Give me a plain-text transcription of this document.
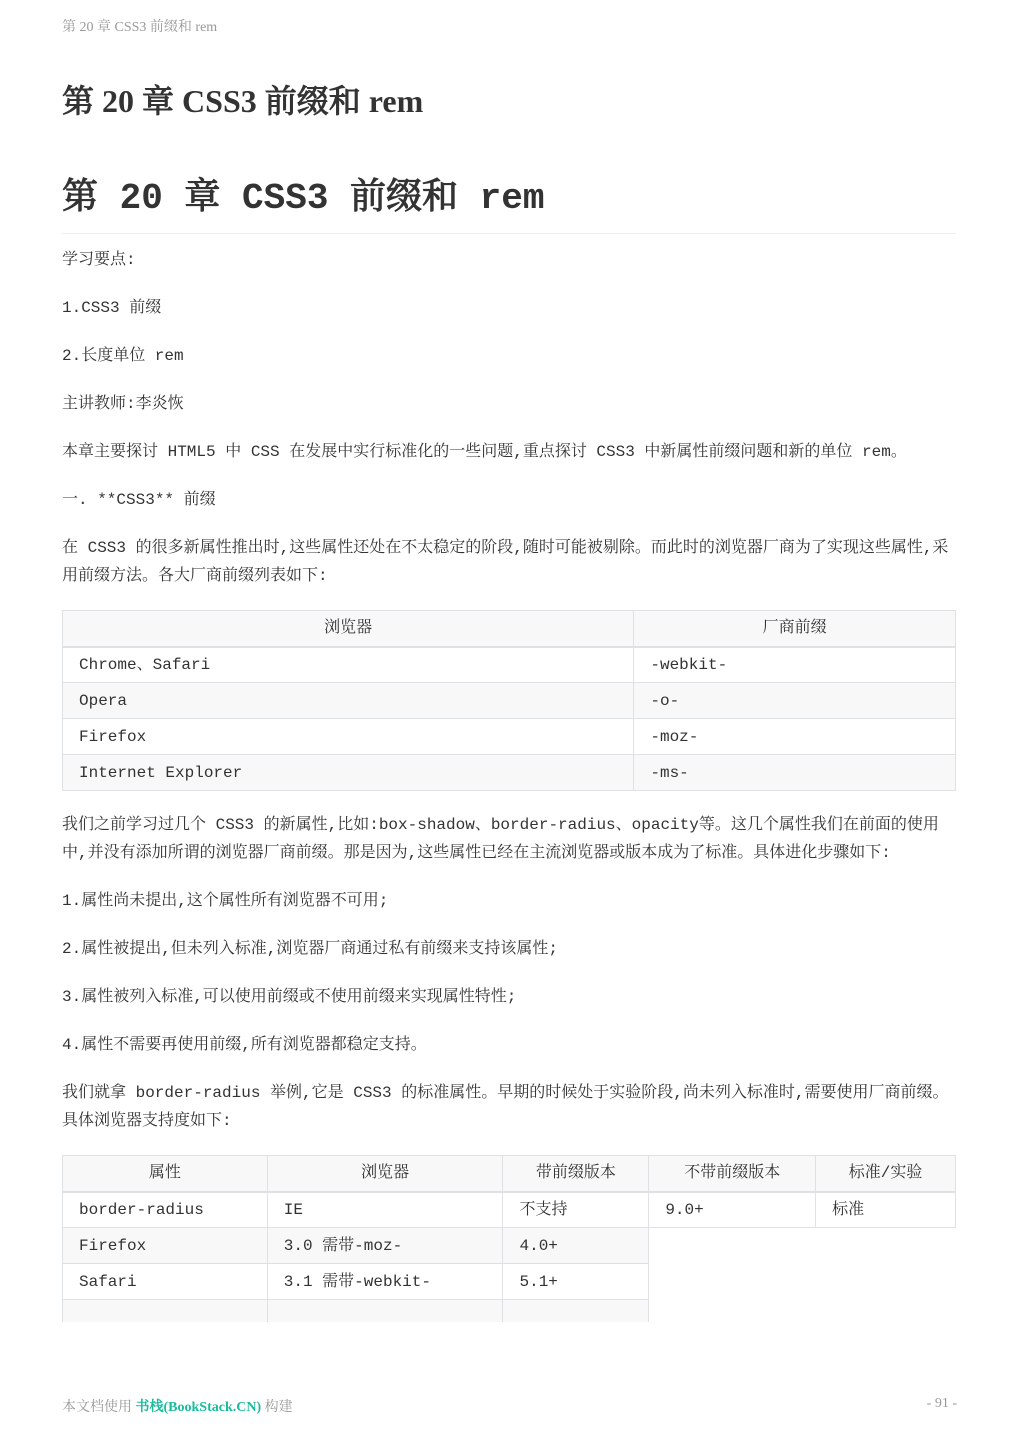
第 20 章 CSS3 前缀和 rem
第 20 章 CSS3 前缀和 rem
第 20 章 CSS3 前缀和 rem

学习要点:

1.CSS3 前缀

2.长度单位 rem

主讲教师:李炎恢

本章主要探讨 HTML5 中 CSS 在发展中实行标准化的一些问题,重点探讨 CSS3 中新属性前缀问题和新的单位 rem。

一. **CSS3** 前缀

在 CSS3 的很多新属性推出时,这些属性还处在不太稳定的阶段,随时可能被剔除。而此时的浏览器厂商为了实现这些属性,采用前缀方法。各大厂商前缀列表如下:

浏览器	厂商前缀
Chrome、Safari	-webkit-
Opera	-o-
Firefox	-moz-
Internet Explorer	-ms-

我们之前学习过几个 CSS3 的新属性,比如:box-shadow、border-radius、opacity等。这几个属性我们在前面的使用中,并没有添加所谓的浏览器厂商前缀。那是因为,这些属性已经在主流浏览器或版本成为了标准。具体进化步骤如下:

1.属性尚未提出,这个属性所有浏览器不可用;

2.属性被提出,但未列入标准,浏览器厂商通过私有前缀来支持该属性;

3.属性被列入标准,可以使用前缀或不使用前缀来实现属性特性;

4.属性不需要再使用前缀,所有浏览器都稳定支持。

我们就拿 border-radius 举例,它是 CSS3 的标准属性。早期的时候处于实验阶段,尚未列入标准时,需要使用厂商前缀。具体浏览器支持度如下:

属性	浏览器	带前缀版本	不带前缀版本	标准/实验
border-radius	IE	不支持	9.0+	标准
Firefox	3.0 需带-moz-	4.0+		
Safari	3.1 需带-webkit-	5.1+		

本文档使用 书栈(BookStack.CN) 构建	- 91 -
